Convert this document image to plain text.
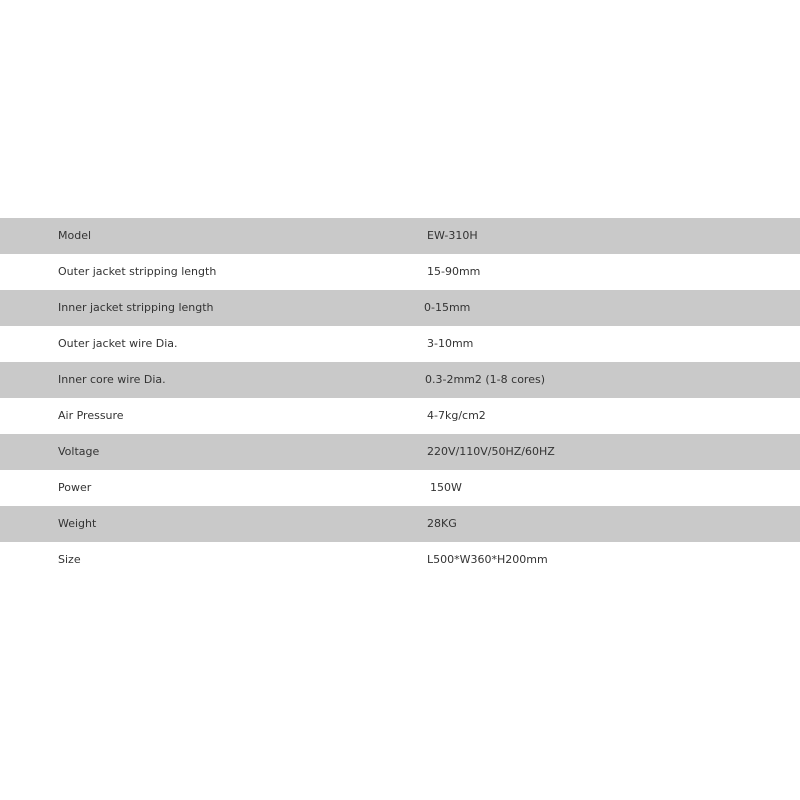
Model	EW-310H
Outer jacket stripping length	15-90mm
Inner jacket stripping length	0-15mm
Outer jacket wire Dia.	3-10mm
Inner core wire Dia.	0.3-2mm2 (1-8 cores)
Air Pressure	4-7kg/cm2
Voltage	220V/110V/50HZ/60HZ
Power	150W
Weight	28KG
Size	L500*W360*H200mm
